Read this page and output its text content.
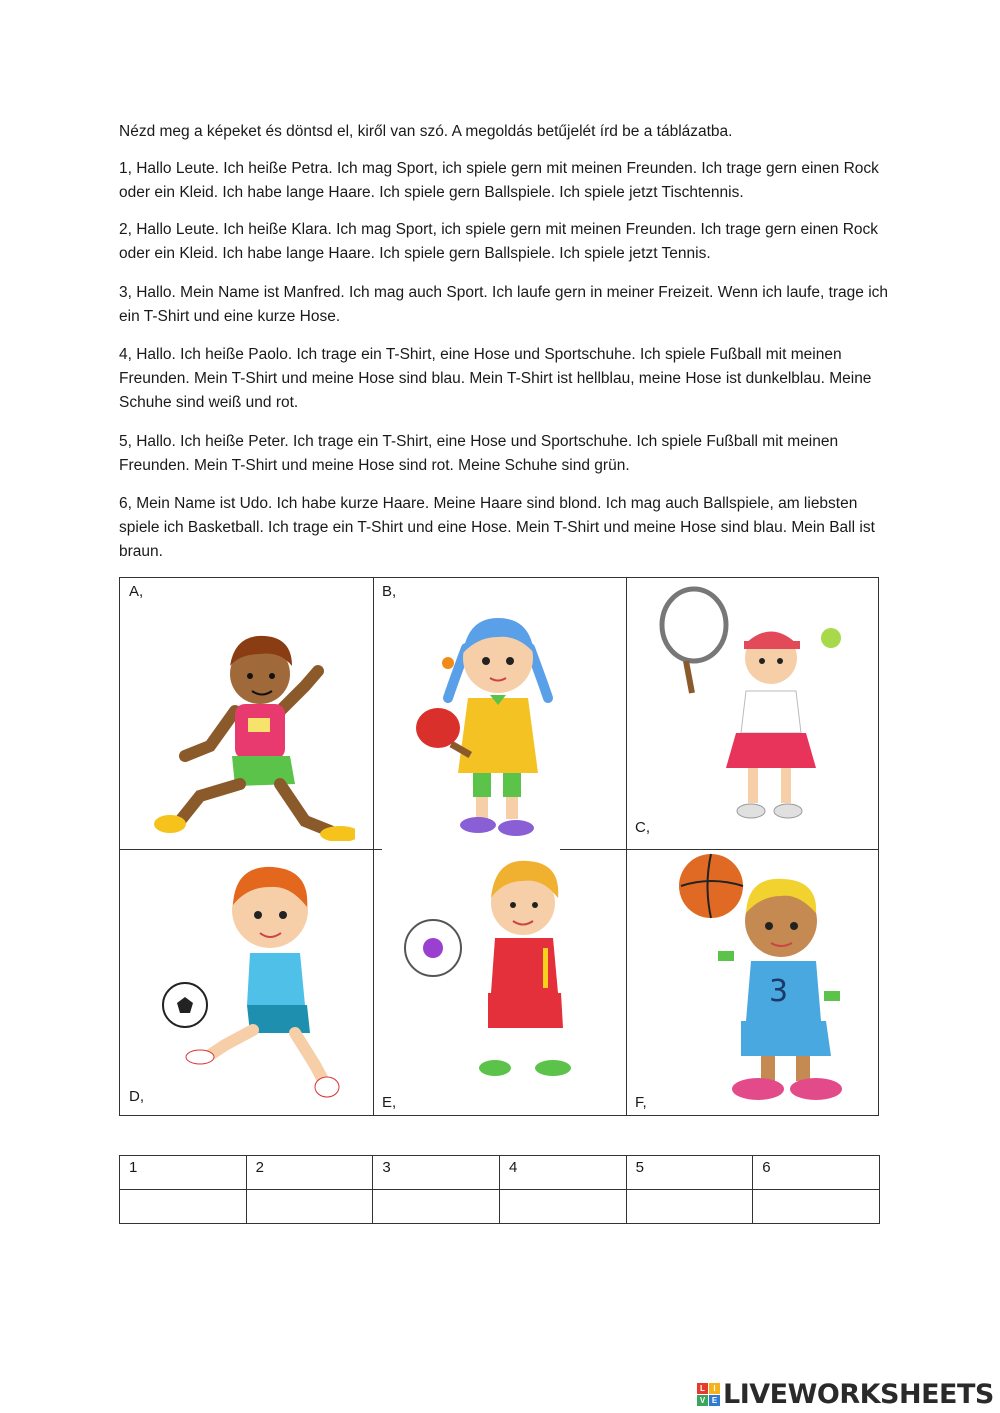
Nézd meg a képeket és döntsd el, kiről van szó. A megoldás betűjelét írd be a táblázatba.

1, Hallo Leute. Ich heiße Petra. Ich mag Sport, ich spiele gern mit meinen Freunden. Ich trage gern einen Rock oder ein Kleid. Ich habe lange Haare. Ich spiele gern Ballspiele. Ich spiele jetzt Tischtennis.

2, Hallo Leute. Ich heiße Klara. Ich mag Sport, ich spiele gern mit meinen Freunden. Ich trage gern einen Rock oder ein Kleid. Ich habe lange Haare. Ich spiele gern Ballspiele. Ich spiele jetzt Tennis.

3, Hallo. Mein Name ist Manfred. Ich mag auch Sport. Ich laufe gern in meiner Freizeit. Wenn ich laufe, trage ich ein T-Shirt und eine kurze Hose.

4, Hallo. Ich heiße Paolo. Ich trage ein T-Shirt, eine Hose und Sportschuhe. Ich spiele Fußball mit meinen Freunden. Mein T-Shirt und meine Hose sind blau. Mein T-Shirt ist hellblau, meine Hose ist dunkelblau. Meine Schuhe sind weiß und rot.

5, Hallo. Ich heiße Peter. Ich trage ein T-Shirt, eine Hose und Sportschuhe. Ich spiele Fußball mit meinen Freunden. Mein T-Shirt und meine Hose sind rot. Meine Schuhe sind grün.

6, Mein Name ist Udo. Ich habe kurze Haare. Meine Haare sind blond. Ich mag auch Ballspiele, am liebsten spiele ich Basketball. Ich trage ein T-Shirt und eine Hose. Mein T-Shirt und meine Hose sind blau. Mein Ball ist braun.

A,	B,
C,
D,	E,	F,
3
1	2	3	4	5	6

L	I
V E LIVEWORKSHEETS
